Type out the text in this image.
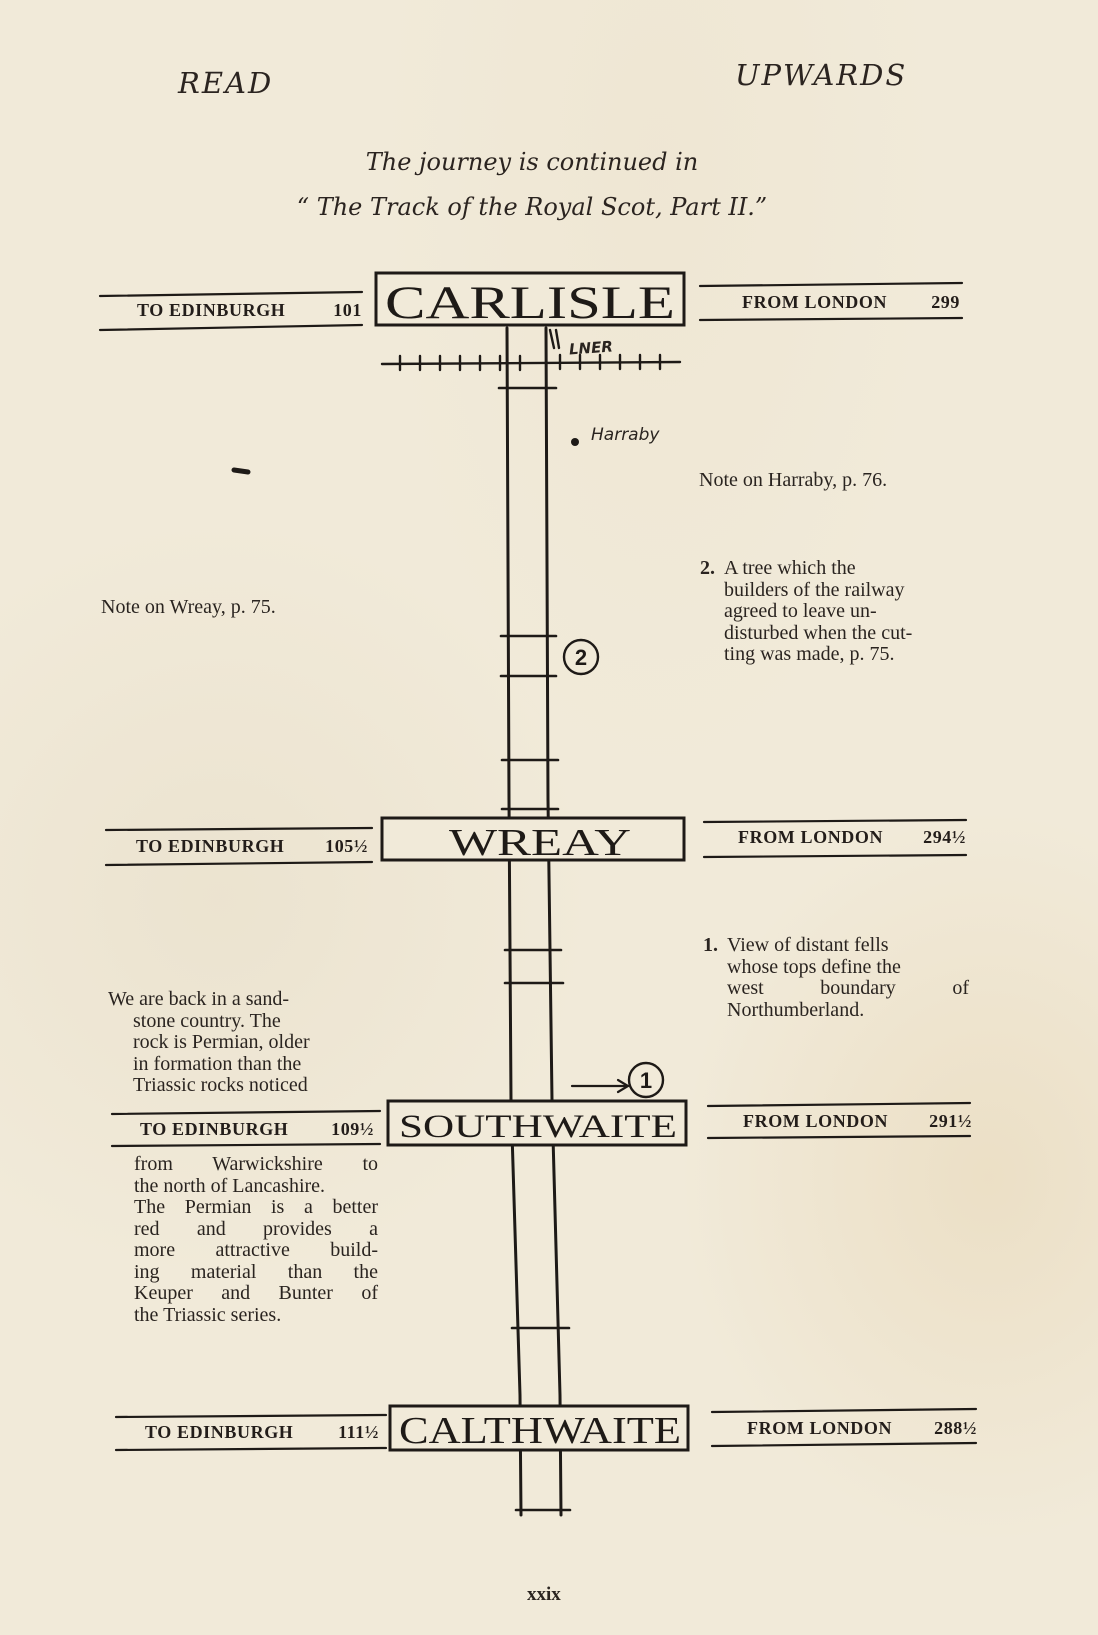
READ	UPWARDS
The journey is continued in
“ The Track of the Royal Scot, Part II.”
CARLISLE
WREAY
SOUTHWAITE
CALTHWAITE
2
1
LNER
Harraby
TO EDINBURGH	101	FROM LONDON 299
TO EDINBURGH 105½	FROM LONDON 294½
TO EDINBURGH 109½	FROM LONDON 291½
TO EDINBURGH 111½	FROM LONDON 288½
Note on Harraby, p. 76.
Note on Wreay, p. 75.
2. A tree which the
builders of the railway
agreed to leave un-
disturbed when the cut-
ting was made, p. 75.
1. View of distant fells
whose tops define the
west boundary of
Northumberland.
We are back in a sand-
stone country. The
rock is Permian, older
in formation than the
Triassic rocks noticed
from Warwickshire to
the north of Lancashire.
The Permian is a better
red and provides a
more attractive build-
ing material than the
Keuper and Bunter of
the Triassic series.
xxix
